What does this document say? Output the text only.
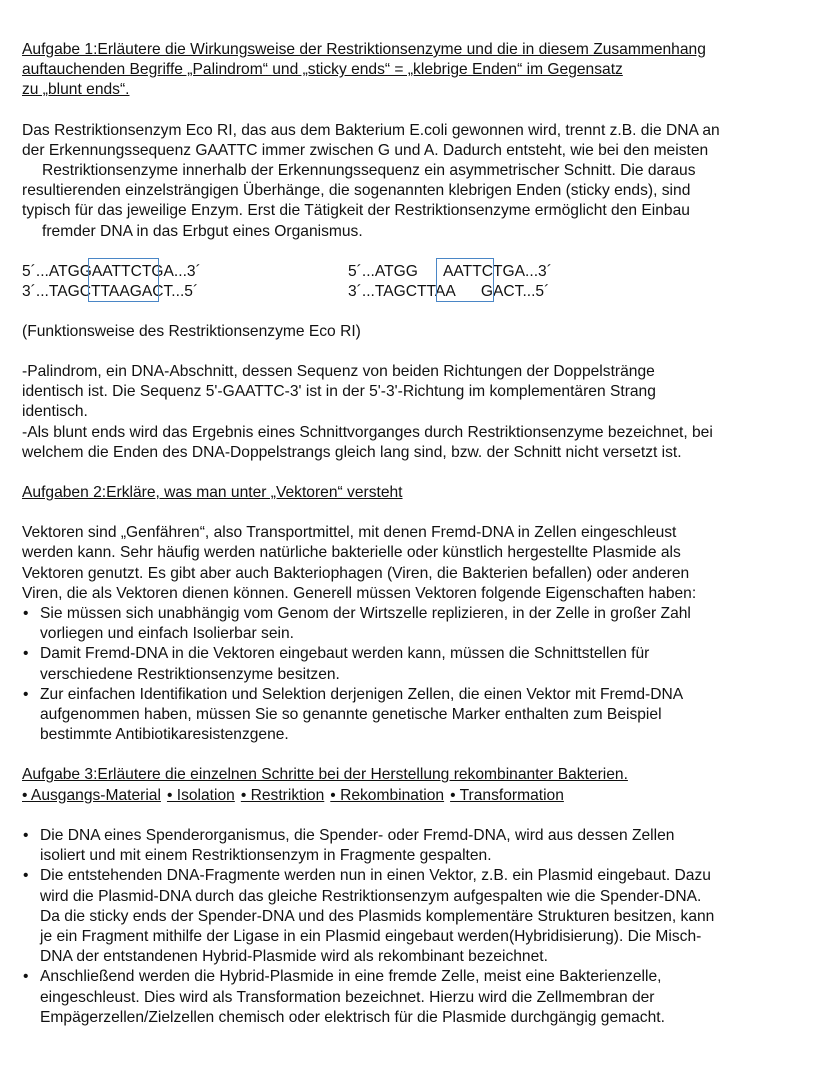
Aufgabe 1:Erläutere die Wirkungsweise der Restriktionsenzyme und die in diesem Zusammenhang

auftauchenden Begriffe „Palindrom“ und „sticky ends“ = „klebrige Enden“ im Gegensatz

zu „blunt ends“.

Das Restriktionsenzym Eco RI, das aus dem Bakterium E.coli gewonnen wird, trennt z.B. die DNA an

der Erkennungssequenz GAATTC immer zwischen G und A. Dadurch entsteht, wie bei den meisten

Restriktionsenzyme innerhalb der Erkennungssequenz ein asymmetrischer Schnitt. Die daraus

resultierenden einzelsträngigen Überhänge, die sogenannten klebrigen Enden (sticky ends), sind

typisch für das jeweilige Enzym. Erst die Tätigkeit der Restriktionsenzyme ermöglicht den Einbau

fremder DNA in das Erbgut eines Organismus.

5´...ATGGAATTCTGA...3´
3´...TAGCTTAAGACT...5´
5´...ATGG      AATTCTGA...3´
3´...TAGCTTAA      GACT...5´

(Funktionsweise des Restriktionsenzyme Eco RI)

-Palindrom, ein DNA-Abschnitt, dessen Sequenz von beiden Richtungen der Doppelstränge

identisch ist. Die Sequenz 5'-GAATTC-3' ist in der 5'-3'-Richtung im komplementären Strang

identisch.

-Als blunt ends wird das Ergebnis eines Schnittvorganges durch Restriktionsenzyme bezeichnet, bei

welchem die Enden des DNA-Doppelstrangs gleich lang sind, bzw. der Schnitt nicht versetzt ist.

Aufgaben 2:Erkläre, was man unter „Vektoren“ versteht

Vektoren sind „Genfähren“, also Transportmittel, mit denen Fremd-DNA in Zellen eingeschleust

werden kann. Sehr häufig werden natürliche bakterielle oder künstlich hergestellte Plasmide als

Vektoren genutzt. Es gibt aber auch Bakteriophagen (Viren, die Bakterien befallen) oder anderen

Viren, die als Vektoren dienen können. Generell müssen Vektoren folgende Eigenschaften haben:

• Sie müssen sich unabhängig vom Genom der Wirtszelle replizieren, in der Zelle in großer Zahl

vorliegen und einfach Isolierbar sein.

• Damit Fremd-DNA in die Vektoren eingebaut werden kann, müssen die Schnittstellen für

verschiedene Restriktionsenzyme besitzen.

• Zur einfachen Identifikation und Selektion derjenigen Zellen, die einen Vektor mit Fremd-DNA

aufgenommen haben, müssen Sie so genannte genetische Marker enthalten zum Beispiel

bestimmte Antibiotikaresistenzgene.

Aufgabe 3:Erläutere die einzelnen Schritte bei der Herstellung rekombinanter Bakterien.

• Ausgangs-Material • Isolation • Restriktion • Rekombination • Transformation

• Die DNA eines Spenderorganismus, die Spender- oder Fremd-DNA, wird aus dessen Zellen

isoliert und mit einem Restriktionsenzym in Fragmente gespalten.

• Die entstehenden DNA-Fragmente werden nun in einen Vektor, z.B. ein Plasmid eingebaut. Dazu

wird die Plasmid-DNA durch das gleiche Restriktionsenzym aufgespalten wie die Spender-DNA.

Da die sticky ends der Spender-DNA und des Plasmids komplementäre Strukturen besitzen, kann

je ein Fragment mithilfe der Ligase in ein Plasmid eingebaut werden(Hybridisierung). Die Misch-

DNA der entstandenen Hybrid-Plasmide wird als rekombinant bezeichnet.

• Anschließend werden die Hybrid-Plasmide in eine fremde Zelle, meist eine Bakterienzelle,

eingeschleust. Dies wird als Transformation bezeichnet. Hierzu wird die Zellmembran der

Empägerzellen/Zielzellen chemisch oder elektrisch für die Plasmide durchgängig gemacht.
